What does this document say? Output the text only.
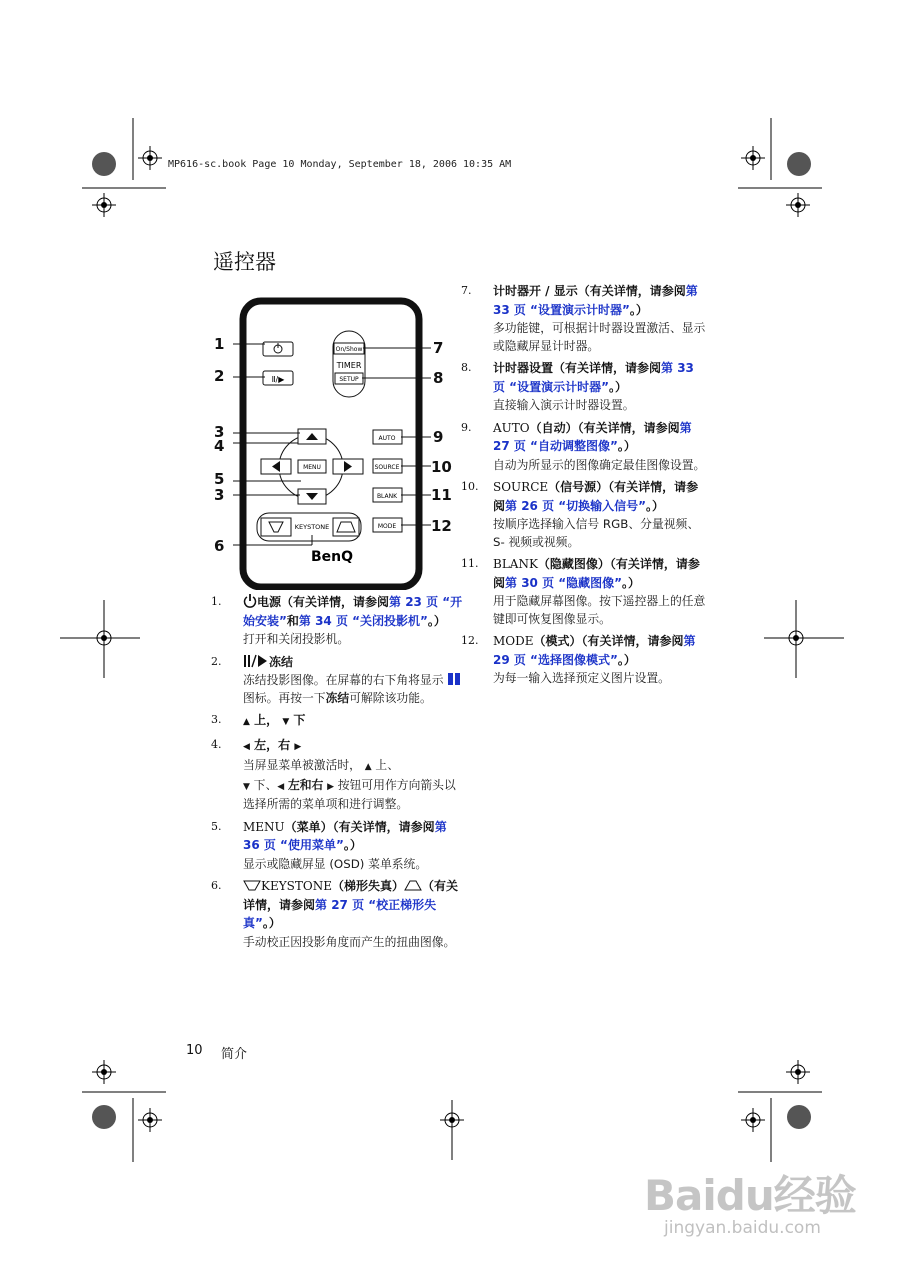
MP616-sc.book Page 10 Monday, September 18, 2006 10:35 AM
遥控器
Ⅱ/▶
On/Show
TIMER
SETUP
MENU
AUTO
SOURCE
BLANK
MODE
KEYSTONE
BenQ
1
2
3
4
5
3
6
7
8
9
10
11
12
1.	电源（有关详情，请参阅第 23 页 “开始安装”和第 34 页 “关闭投影机”。）
打开和关闭投影机。
2.	冻结
冻结投影图像。在屏幕的右下角将显示  图标。再按一下冻结可解除该功能。
3. ▲ 上， ▼ 下
4. ◀ 左，右 ▶
当屏显菜单被激活时， ▲ 上、
▼ 下、◀ 左和右 ▶ 按钮可用作方向箭头以选择所需的菜单项和进行调整。
5. MENU（菜单）（有关详情，请参阅第 36 页 “使用菜单”。）
显示或隐藏屏显 (OSD) 菜单系统。
6.	KEYSTONE（梯形失真） （有关详情，请参阅第 27 页 “校正梯形失真”。）
手动校正因投影角度而产生的扭曲图像。
7. 计时器开 / 显示（有关详情，请参阅第 33 页 “设置演示计时器”。）
多功能键，可根据计时器设置激活、显示或隐藏屏显计时器。
8. 计时器设置（有关详情，请参阅第 33 页 “设置演示计时器”。）
直接输入演示计时器设置。
9. AUTO（自动）（有关详情，请参阅第 27 页 “自动调整图像”。）
自动为所显示的图像确定最佳图像设置。
10. SOURCE（信号源）（有关详情，请参阅第 26 页 “切换输入信号”。）
按顺序选择输入信号 RGB、分量视频、S- 视频或视频。
11. BLANK（隐藏图像）（有关详情，请参阅第 30 页 “隐藏图像”。）
用于隐藏屏幕图像。按下遥控器上的任意键即可恢复图像显示。
12. MODE（模式）（有关详情，请参阅第 29 页 “选择图像模式”。）
为每一输入选择预定义图片设置。
10 简介
Baidu经验
jingyan.baidu.com
